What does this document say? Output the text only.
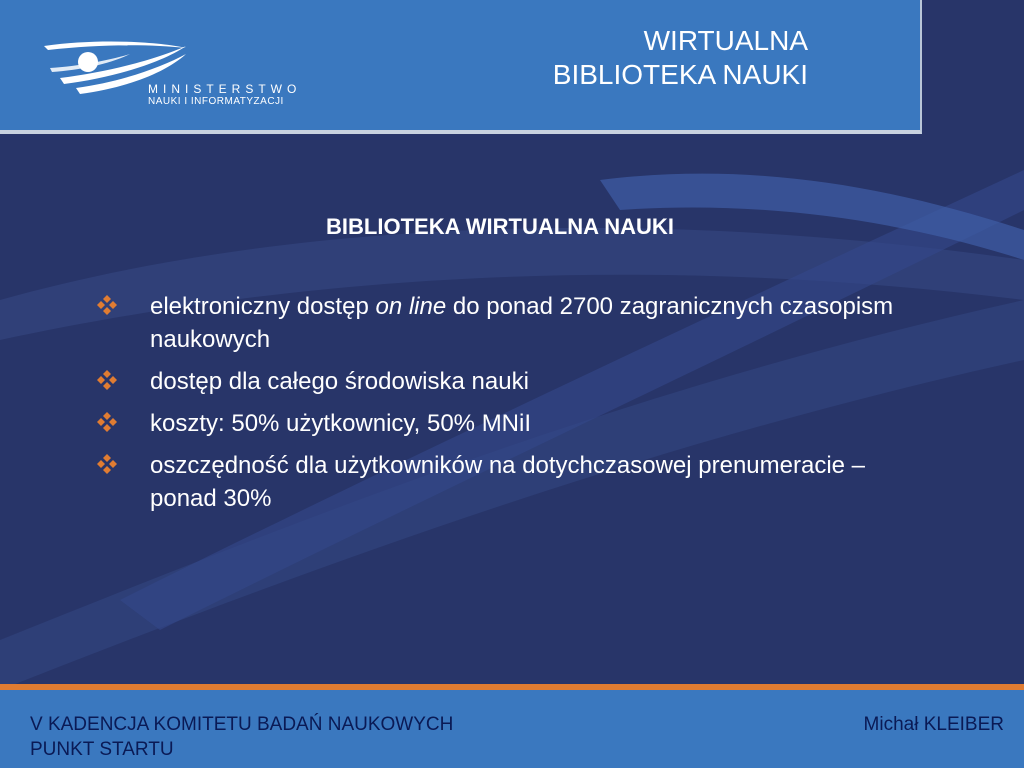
MINISTERSTWO
NAUKI I INFORMATYZACJI
WIRTUALNA
BIBLIOTEKA NAUKI
BIBLIOTEKA WIRTUALNA NAUKI
elektroniczny dostęp on line do ponad 2700 zagranicznych czasopism naukowych
dostęp dla całego środowiska nauki
koszty: 50% użytkownicy, 50% MNiI
oszczędność dla użytkowników na dotychczasowej prenumeracie – ponad 30%
V KADENCJA KOMITETU BADAŃ NAUKOWYCH
PUNKT STARTU
Michał KLEIBER
